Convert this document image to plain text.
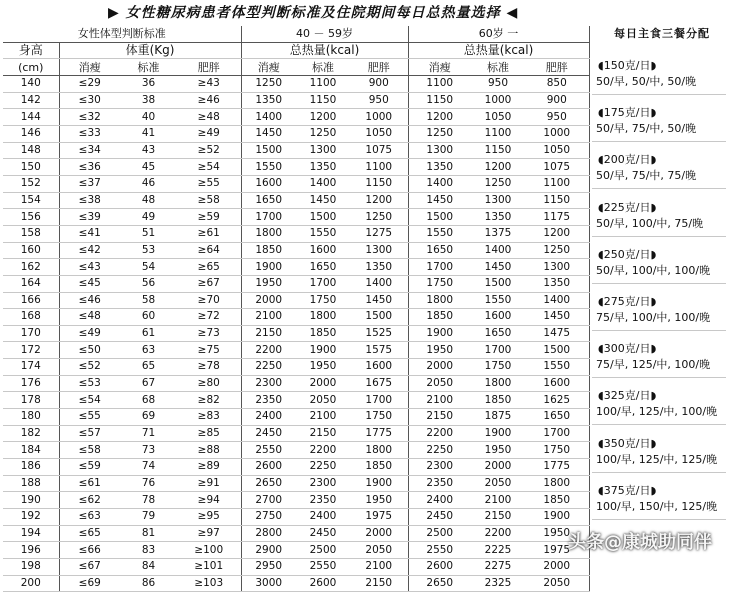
▶ 女性糖尿病患者体型判断标准及住院期间每日总热量选择 ◀
每日主食三餐分配
女性体型判断标准				40 － 59岁			60岁 一		
身高	体重(Kg)			总热量(kcal)			总热量(kcal)		
(cm)	消瘦	标准	肥胖	消瘦	标准	肥胖	消瘦	标准	肥胖
140	≤29	36	≥43	1250	1100	900	1100	950	850
142	≤30	38	≥46	1350	1150	950	1150	1000	900
144	≤32	40	≥48	1400	1200	1000	1200	1050	950
146	≤33	41	≥49	1450	1250	1050	1250	1100	1000
148	≤34	43	≥52	1500	1300	1075	1300	1150	1050
150	≤36	45	≥54	1550	1350	1100	1350	1200	1075
152	≤37	46	≥55	1600	1400	1150	1400	1250	1100
154	≤38	48	≥58	1650	1450	1200	1450	1300	1150
156	≤39	49	≥59	1700	1500	1250	1500	1350	1175
158	≤41	51	≥61	1800	1550	1275	1550	1375	1200
160	≤42	53	≥64	1850	1600	1300	1650	1400	1250
162	≤43	54	≥65	1900	1650	1350	1700	1450	1300
164	≤45	56	≥67	1950	1700	1400	1750	1500	1350
166	≤46	58	≥70	2000	1750	1450	1800	1550	1400
168	≤48	60	≥72	2100	1800	1500	1850	1600	1450
170	≤49	61	≥73	2150	1850	1525	1900	1650	1475
172	≤50	63	≥75	2200	1900	1575	1950	1700	1500
174	≤52	65	≥78	2250	1950	1600	2000	1750	1550
176	≤53	67	≥80	2300	2000	1675	2050	1800	1600
178	≤54	68	≥82	2350	2050	1700	2100	1850	1625
180	≤55	69	≥83	2400	2100	1750	2150	1875	1650
182	≤57	71	≥85	2450	2150	1775	2200	1900	1700
184	≤58	73	≥88	2550	2200	1800	2250	1950	1750
186	≤59	74	≥89	2600	2250	1850	2300	2000	1775
188	≤61	76	≥91	2650	2300	1900	2350	2050	1800
190	≤62	78	≥94	2700	2350	1950	2400	2100	1850
192	≤63	79	≥95	2750	2400	1975	2450	2150	1900
194	≤65	81	≥97	2800	2450	2000	2500	2200	1950
196	≤66	83	≥100	2900	2500	2050	2550	2225	1975
198	≤67	84	≥101	2950	2550	2100	2600	2275	2000
200	≤69	86	≥103	3000	2600	2150	2650	2325	2050
◖150克/日◗
50/早, 50/中, 50/晚
◖175克/日◗
50/早, 75/中, 50/晚
◖200克/日◗
50/早, 75/中, 75/晚
◖225克/日◗
50/早, 100/中, 75/晚
◖250克/日◗
50/早, 100/中, 100/晚
◖275克/日◗
75/早, 100/中, 100/晚
◖300克/日◗
75/早, 125/中, 100/晚
◖325克/日◗
100/早, 125/中, 100/晚
◖350克/日◗
100/早, 125/中, 125/晚
◖375克/日◗
100/早, 150/中, 125/晚
头条@康城助同伴
